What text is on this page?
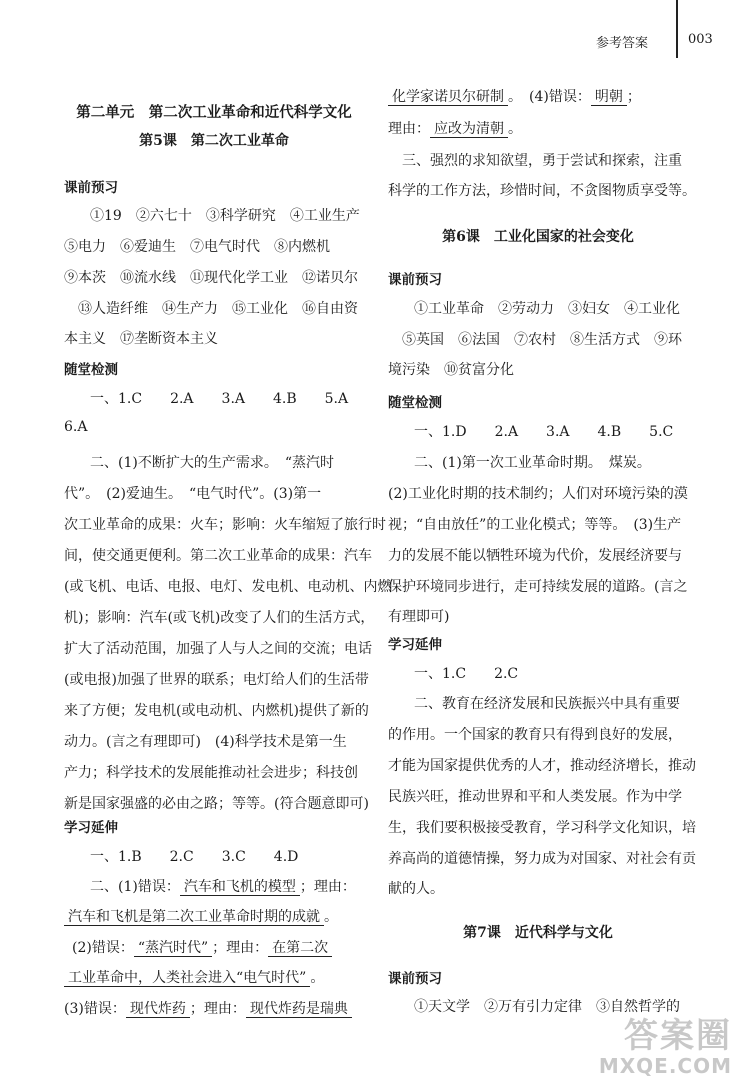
参考答案	003
第二单元　第二次工业革命和近代科学文化
第5课　第二次工业革命
课前预习
①19　②六七十　③科学研究　④工业生产
⑤电力　⑥爱迪生　⑦电气时代　⑧内燃机
⑨本茨　⑩流水线　⑪现代化学工业　⑫诺贝尔
⑬人造纤维　⑭生产力　⑮工业化　⑯自由资
本主义　⑰垄断资本主义
随堂检测
一、1.C　　2.A　　3.A　　4.B　　5.A
6.A
二、(1)不断扩大的生产需求。　“蒸汽时
代”。　(2)爱迪生。　“电气时代”。(3)第一
次工业革命的成果：火车；影响：火车缩短了旅行时
间，使交通更便利。第二次工业革命的成果：汽车
(或飞机、电话、电报、电灯、发电机、电动机、内燃
机)；影响：汽车(或飞机)改变了人们的生活方式，
扩大了活动范围，加强了人与人之间的交流；电话
(或电报)加强了世界的联系；电灯给人们的生活带
来了方便；发电机(或电动机、内燃机)提供了新的
动力。(言之有理即可)　(4)科学技术是第一生
产力；科学技术的发展能推动社会进步；科技创
新是国家强盛的必由之路；等等。(符合题意即可)
学习延伸
一、1.B　　2.C　　3.C　　4.D
二、(1)错误： 汽车和飞机的模型 ；理由：
汽车和飞机是第二次工业革命时期的成就 。
(2)错误： “蒸汽时代” ；理由： 在第二次
工业革命中，人类社会进入“电气时代” 。
(3)错误： 现代炸药 ；理由： 现代炸药是瑞典
化学家诺贝尔研制 。　(4)错误： 明朝 ；
理由： 应改为清朝 。
三、强烈的求知欲望，勇于尝试和探索，注重
科学的工作方法，珍惜时间，不贪图物质享受等。
第6课　工业化国家的社会变化
课前预习
①工业革命　②劳动力　③妇女　④工业化
⑤英国　⑥法国　⑦农村　⑧生活方式　⑨环
境污染　⑩贫富分化
随堂检测
一、1.D　　2.A　　3.A　　4.B　　5.C
二、(1)第一次工业革命时期。　煤炭。
(2)工业化时期的技术制约；人们对环境污染的漠
视；“自由放任”的工业化模式；等等。　(3)生产
力的发展不能以牺牲环境为代价，发展经济要与
保护环境同步进行，走可持续发展的道路。(言之
有理即可)
学习延伸
一、1.C　　2.C
二、教育在经济发展和民族振兴中具有重要
的作用。一个国家的教育只有得到良好的发展，
才能为国家提供优秀的人才，推动经济增长，推动
民族兴旺，推动世界和平和人类发展。作为中学
生，我们要积极接受教育，学习科学文化知识，培
养高尚的道德情操，努力成为对国家、对社会有贡
献的人。
第7课　近代科学与文化
课前预习
①天文学　②万有引力定律　③自然哲学的
答案圈
MXQE.COM
